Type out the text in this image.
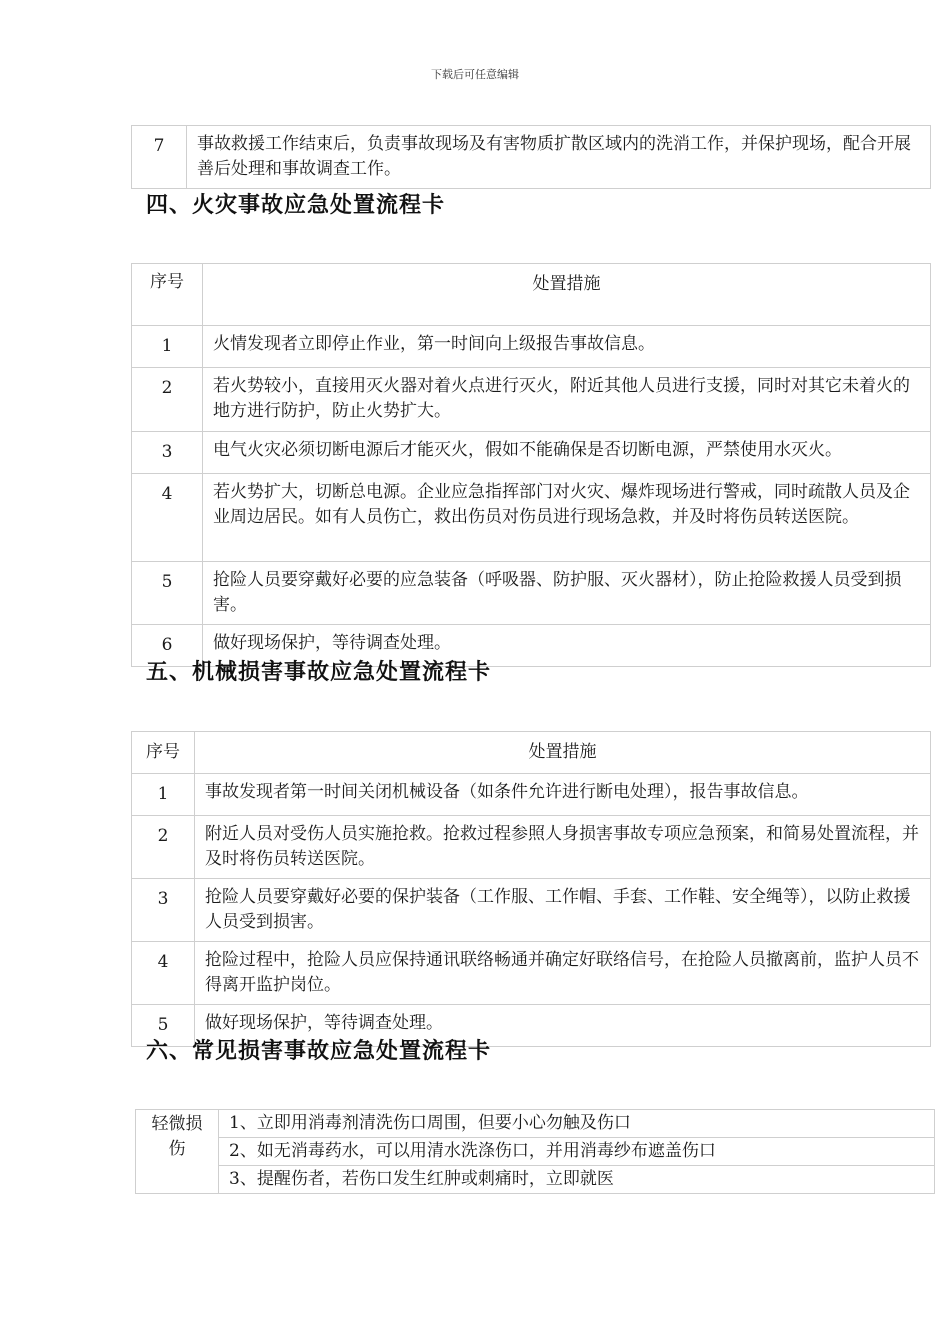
下载后可任意编辑
7	事故救援工作结束后，负责事故现场及有害物质扩散区域内的洗消工作，并保护现场，配合开展善后处理和事故调查工作。
四、火灾事故应急处置流程卡
序号	处置措施
1	火情发现者立即停止作业，第一时间向上级报告事故信息。
2	若火势较小，直接用灭火器对着火点进行灭火，附近其他人员进行支援，同时对其它未着火的地方进行防护，防止火势扩大。
3	电气火灾必须切断电源后才能灭火，假如不能确保是否切断电源，严禁使用水灭火。
4	若火势扩大，切断总电源。企业应急指挥部门对火灾、爆炸现场进行警戒，同时疏散人员及企业周边居民。如有人员伤亡，救出伤员对伤员进行现场急救，并及时将伤员转送医院。
5	抢险人员要穿戴好必要的应急装备（呼吸器、防护服、灭火器材），防止抢险救援人员受到损害。
6	做好现场保护，等待调查处理。
五、机械损害事故应急处置流程卡
序号	处置措施
1	事故发现者第一时间关闭机械设备（如条件允许进行断电处理），报告事故信息。
2	附近人员对受伤人员实施抢救。抢救过程参照人身损害事故专项应急预案，和简易处置流程，并及时将伤员转送医院。
3	抢险人员要穿戴好必要的保护装备（工作服、工作帽、手套、工作鞋、安全绳等），以防止救援人员受到损害。
4	抢险过程中，抢险人员应保持通讯联络畅通并确定好联络信号，在抢险人员撤离前，监护人员不得离开监护岗位。
5	做好现场保护，等待调查处理。
六、常见损害事故应急处置流程卡
轻微损伤	1、立即用消毒剂清洗伤口周围，但要小心勿触及伤口
2、如无消毒药水，可以用清水洗涤伤口，并用消毒纱布遮盖伤口
3、提醒伤者，若伤口发生红肿或刺痛时，立即就医
